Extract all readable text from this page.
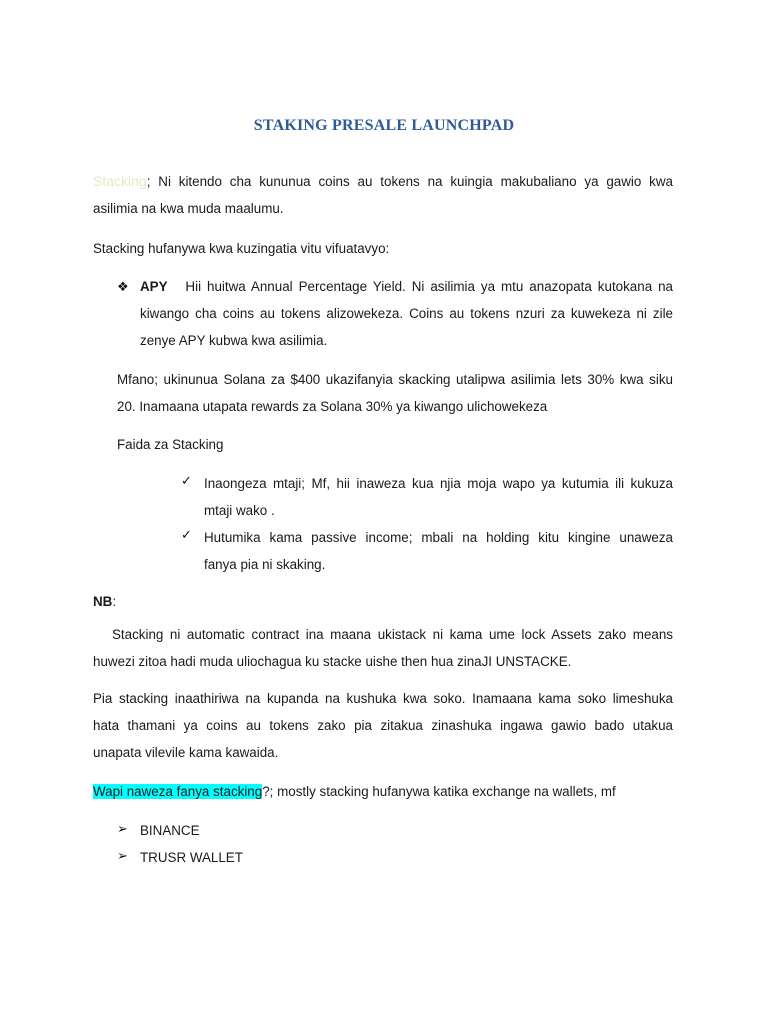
STAKING PRESALE LAUNCHPAD
Stacking; Ni kitendo cha kununua coins au tokens na kuingia makubaliano ya gawio kwa
asilimia na kwa muda maalumu.
Stacking hufanywa kwa kuzingatia vitu vifuatavyo:
❖ APY Hii huitwa Annual Percentage Yield. Ni asilimia ya mtu anazopata kutokana na
kiwango cha coins au tokens alizowekeza. Coins au tokens nzuri za kuwekeza ni zile
zenye APY kubwa kwa asilimia.
Mfano; ukinunua Solana za $400 ukazifanyia skacking utalipwa asilimia lets 30% kwa siku
20. Inamaana utapata rewards za Solana 30% ya kiwango ulichowekeza
Faida za Stacking
✓ Inaongeza mtaji; Mf, hii inaweza kua njia moja wapo ya kutumia ili kukuza
mtaji wako .
✓ Hutumika kama passive income; mbali na holding kitu kingine unaweza
fanya pia ni skaking.
NB:
Stacking ni automatic contract ina maana ukistack ni kama ume lock Assets zako means
huwezi zitoa hadi muda uliochagua ku stacke uishe then hua zinaJI UNSTACKE.
Pia stacking inaathiriwa na kupanda na kushuka kwa soko. Inamaana kama soko limeshuka
hata thamani ya coins au tokens zako pia zitakua zinashuka ingawa gawio bado utakua
unapata vilevile kama kawaida.
Wapi naweza fanya stacking?; mostly stacking hufanywa katika exchange na wallets, mf
➢ BINANCE
➢ TRUSR WALLET
